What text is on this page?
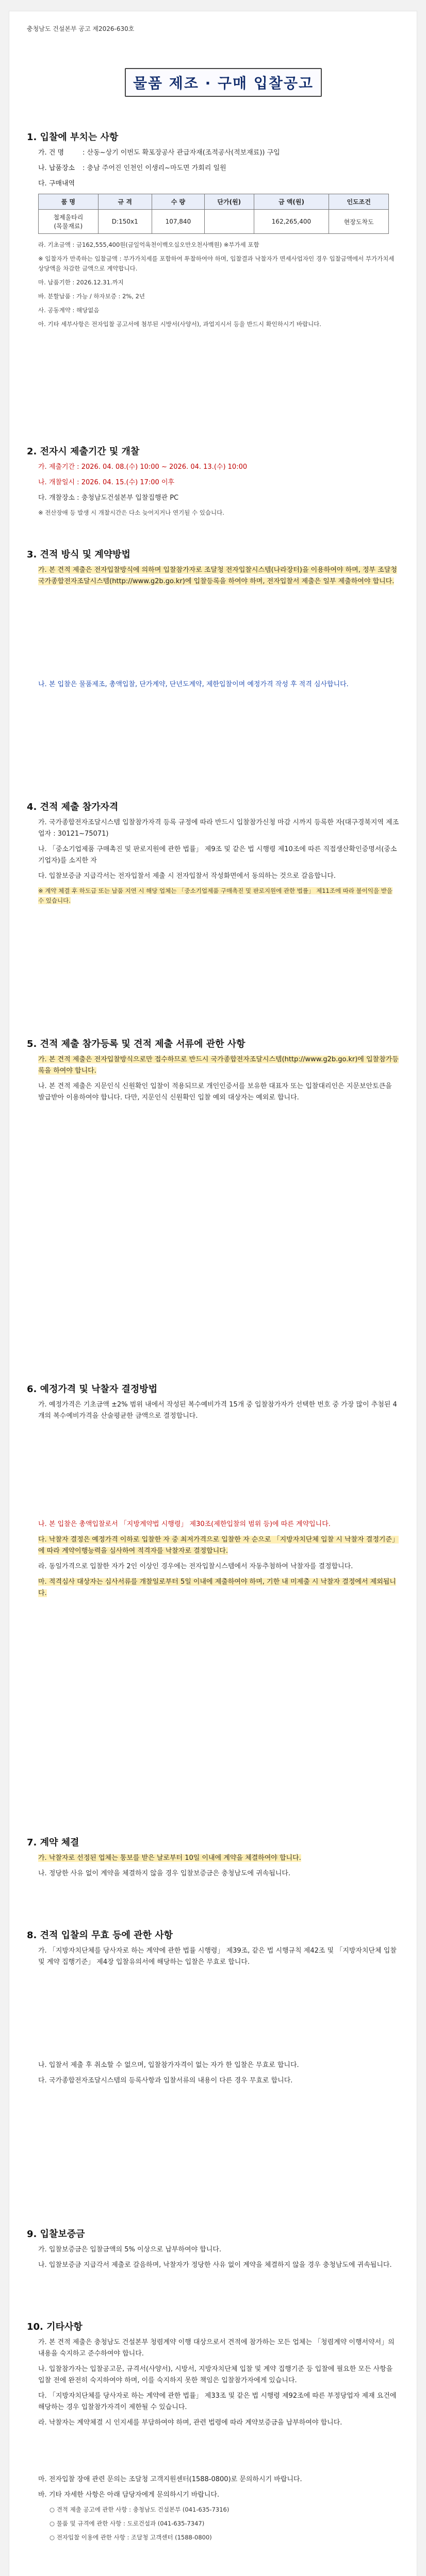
충청남도 건설본부 공고 제2026-630호
물품 제조 · 구매 입찰공고
1. 입찰에 부치는 사항
가. 건 명	: 산동~상기 이번도 확포장공사 관급자재(조적공사(적보재료)) 구입
나. 납품장소 : 충남 주어진 인천인 이생리~마도면 가회리 일원
다. 구매내역
품 명	규 격	수 량	단가(원)	금 액(원)	인도조건
철제울타리
(목물재료)	D:150x1	107,840		162,265,400	현장도착도
라. 기초금액 : 금162,555,400원(금일억육천이백오십오만오천사백원) ※부가세 포함
※ 입찰자가 만족하는 입찰금액 : 부가가치세를 포함하여 투찰하여야 하며, 입찰결과 낙찰자가 면세사업자인 경우 입찰금액에서 부가가치세 상당액을 차감한 금액으로 계약합니다.
마. 납품기한 : 2026.12.31.까지
바. 분할납품 : 가능 / 하자보증 : 2%, 2년
사. 공동계약 : 해당없음
아. 기타 세부사항은 전자입찰 공고서에 첨부된 시방서(사양서), 과업지시서 등을 반드시 확인하시기 바랍니다.
2. 전자시 제출기간 및 개찰
가. 제출기간 : 2026. 04. 08.(수) 10:00 ~ 2026. 04. 13.(수) 10:00
나. 개찰일시 : 2026. 04. 15.(수) 17:00 이후
다. 개찰장소 : 충청남도건설본부 입찰집행관 PC
※ 전산장애 등 발생 시 개찰시간은 다소 늦어지거나 연기될 수 있습니다.
3. 견적 방식 및 계약방법
가. 본 견적 제출은 전자입찰방식에 의하며 입찰참가자로 조달청 전자입찰시스템(나라장터)을 이용하여야 하며, 정부 조달청 국가종합전자조달시스템(http://www.g2b.go.kr)에 입찰등록을 하여야 하며, 전자입찰서 제출은 일부 제출하여야 합니다.
나. 본 입찰은 물품제조, 총액입찰, 단가계약, 단년도계약, 제한입찰이며 예정가격 작성 후 적격 심사합니다.
4. 견적 제출 참가자격
가. 국가종합전자조달시스템 입찰참가자격 등록 규정에 따라 반드시 입찰참가신청 마감 시까지 등록한 자(대구경북지역 제조업자 : 30121~75071)
나. 「중소기업제품 구매촉진 및 판로지원에 관한 법률」 제9조 및 같은 법 시행령 제10조에 따른 직접생산확인증명서(중소기업자)를 소지한 자
다. 입찰보증금 지급각서는 전자입찰서 제출 시 전자입찰서 작성화면에서 동의하는 것으로 갈음합니다.
※ 계약 체결 후 하도급 또는 납품 지연 시 해당 업체는 「중소기업제품 구매촉진 및 판로지원에 관한 법률」 제11조에 따라 불이익을 받을 수 있습니다.
5. 견적 제출 참가등록 및 견적 제출 서류에 관한 사항
가. 본 견적 제출은 전자입찰방식으로만 접수하므로 반드시 국가종합전자조달시스템(http://www.g2b.go.kr)에 입찰참가등록을 하여야 합니다.
나. 본 견적 제출은 지문인식 신원확인 입찰이 적용되므로 개인인증서를 보유한 대표자 또는 입찰대리인은 지문보안토큰을 발급받아 이용하여야 합니다. 다만, 지문인식 신원확인 입찰 예외 대상자는 예외로 합니다.
6. 예정가격 및 낙찰자 결정방법
가. 예정가격은 기초금액 ±2% 범위 내에서 작성된 복수예비가격 15개 중 입찰참가자가 선택한 번호 중 가장 많이 추첨된 4개의 복수예비가격을 산술평균한 금액으로 결정합니다.
나. 본 입찰은 총액입찰로서 「지방계약법 시행령」 제30조(제한입찰의 범위 등)에 따른 계약입니다.
다. 낙찰자 결정은 예정가격 이하로 입찰한 자 중 최저가격으로 입찰한 자 순으로 「지방자치단체 입찰 시 낙찰자 결정기준」에 따라 계약이행능력을 심사하여 적격자를 낙찰자로 결정합니다.
라. 동일가격으로 입찰한 자가 2인 이상인 경우에는 전자입찰시스템에서 자동추첨하여 낙찰자를 결정합니다.
마. 적격심사 대상자는 심사서류를 개찰일로부터 5일 이내에 제출하여야 하며, 기한 내 미제출 시 낙찰자 결정에서 제외됩니다.
7. 계약 체결
가. 낙찰자로 선정된 업체는 통보를 받은 날로부터 10일 이내에 계약을 체결하여야 합니다.
나. 정당한 사유 없이 계약을 체결하지 않을 경우 입찰보증금은 충청남도에 귀속됩니다.
8. 견적 입찰의 무효 등에 관한 사항
가. 「지방자치단체를 당사자로 하는 계약에 관한 법률 시행령」 제39조, 같은 법 시행규칙 제42조 및 「지방자치단체 입찰 및 계약 집행기준」 제4장 입찰유의서에 해당하는 입찰은 무효로 합니다.
나. 입찰서 제출 후 취소할 수 없으며, 입찰참가자격이 없는 자가 한 입찰은 무효로 합니다.
다. 국가종합전자조달시스템의 등록사항과 입찰서류의 내용이 다른 경우 무효로 합니다.
9. 입찰보증금
가. 입찰보증금은 입찰금액의 5% 이상으로 납부하여야 합니다.
나. 입찰보증금 지급각서 제출로 갈음하며, 낙찰자가 정당한 사유 없이 계약을 체결하지 않을 경우 충청남도에 귀속됩니다.
10. 기타사항
가. 본 견적 제출은 충청남도 건설본부 청렴계약 이행 대상으로서 견적에 참가하는 모든 업체는 「청렴계약 이행서약서」의 내용을 숙지하고 준수하여야 합니다.
나. 입찰참가자는 입찰공고문, 규격서(사양서), 시방서, 지방자치단체 입찰 및 계약 집행기준 등 입찰에 필요한 모든 사항을 입찰 전에 완전히 숙지하여야 하며, 이를 숙지하지 못한 책임은 입찰참가자에게 있습니다.
다. 「지방자치단체를 당사자로 하는 계약에 관한 법률」 제33조 및 같은 법 시행령 제92조에 따른 부정당업자 제재 요건에 해당하는 경우 입찰참가자격이 제한될 수 있습니다.
라. 낙찰자는 계약체결 시 인지세를 부담하여야 하며, 관련 법령에 따라 계약보증금을 납부하여야 합니다.
마. 전자입찰 장애 관련 문의는 조달청 고객지원센터(1588-0800)로 문의하시기 바랍니다.
바. 기타 자세한 사항은 아래 담당자에게 문의하시기 바랍니다.
○ 견적 제출 공고에 관한 사항 : 충청남도 건설본부 (041-635-7316)
○ 물품 및 규격에 관한 사항 : 도로건설과 (041-635-7347)
○ 전자입찰 이용에 관한 사항 : 조달청 고객센터 (1588-0800)
